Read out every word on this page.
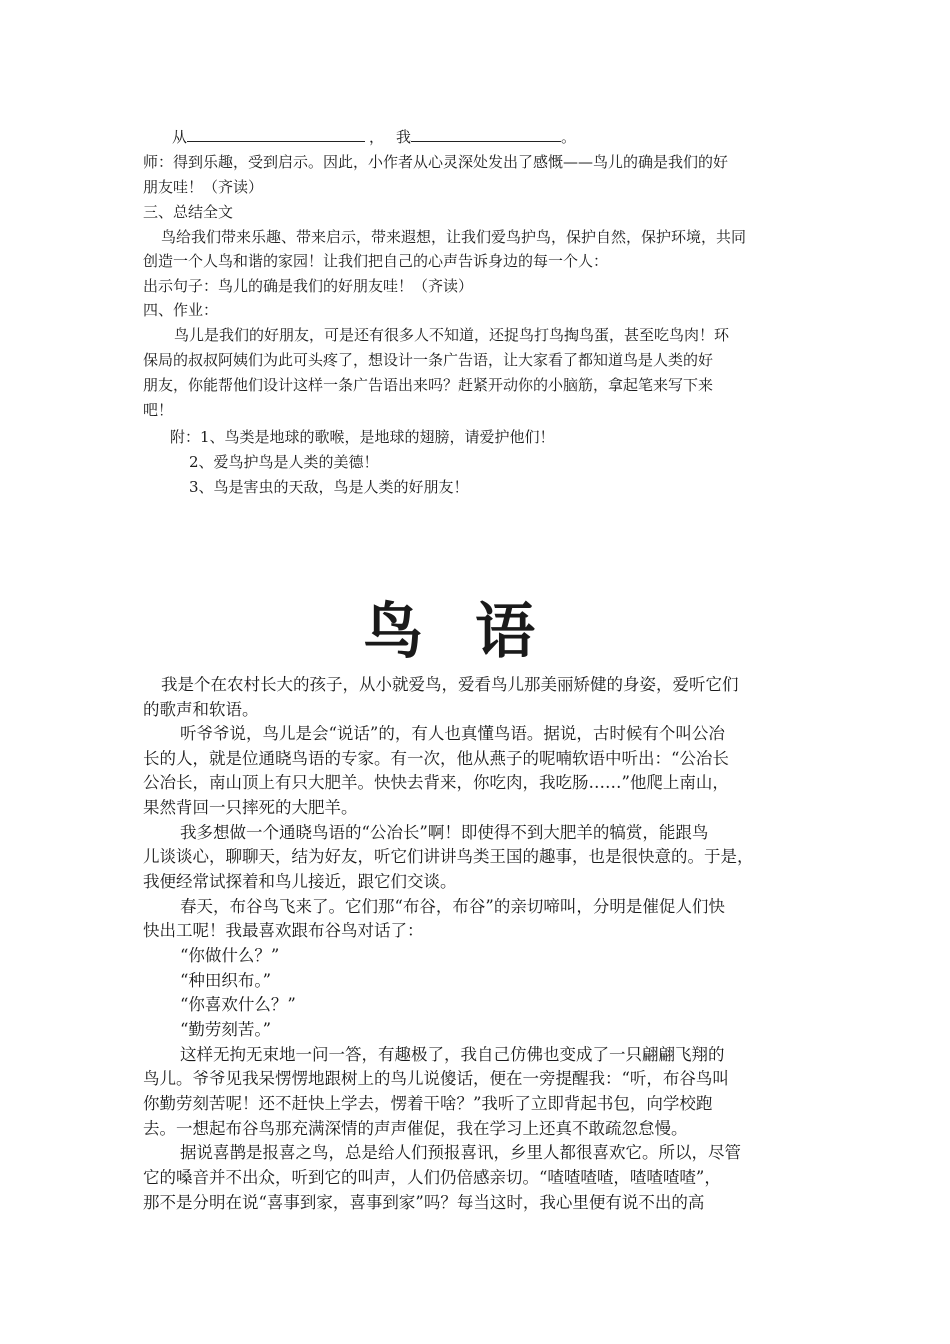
从	， 我	。
师：得到乐趣，受到启示。因此，小作者从心灵深处发出了感慨——鸟儿的确是我们的好
朋友哇！（齐读）
三、总结全文
鸟给我们带来乐趣、带来启示，带来遐想，让我们爱鸟护鸟，保护自然，保护环境，共同
创造一个人鸟和谐的家园！让我们把自己的心声告诉身边的每一个人：
出示句子：鸟儿的确是我们的好朋友哇！（齐读）
四、作业：
鸟儿是我们的好朋友，可是还有很多人不知道，还捉鸟打鸟掏鸟蛋，甚至吃鸟肉！环
保局的叔叔阿姨们为此可头疼了，想设计一条广告语，让大家看了都知道鸟是人类的好
朋友，你能帮他们设计这样一条广告语出来吗？赶紧开动你的小脑筋，拿起笔来写下来
吧！
附：1、鸟类是地球的歌喉，是地球的翅膀，请爱护他们！
2、爱鸟护鸟是人类的美德！
3、鸟是害虫的天敌，鸟是人类的好朋友！
鸟语
我是个在农村长大的孩子，从小就爱鸟，爱看鸟儿那美丽矫健的身姿，爱听它们
的歌声和软语。
听爷爷说，鸟儿是会“说话”的，有人也真懂鸟语。据说，古时候有个叫公冶
长的人，就是位通晓鸟语的专家。有一次，他从燕子的呢喃软语中听出：“公冶长
公冶长，南山顶上有只大肥羊。快快去背来，你吃肉，我吃肠……”他爬上南山，
果然背回一只摔死的大肥羊。
我多想做一个通晓鸟语的“公冶长”啊！即使得不到大肥羊的犒赏，能跟鸟
儿谈谈心，聊聊天，结为好友，听它们讲讲鸟类王国的趣事，也是很快意的。于是，
我便经常试探着和鸟儿接近，跟它们交谈。
春天，布谷鸟飞来了。它们那“布谷，布谷”的亲切啼叫，分明是催促人们快
快出工呢！我最喜欢跟布谷鸟对话了：
“你做什么？”
“种田织布。”
“你喜欢什么？”
“勤劳刻苦。”
这样无拘无束地一问一答，有趣极了，我自己仿佛也变成了一只翩翩飞翔的
鸟儿。爷爷见我呆愣愣地跟树上的鸟儿说傻话，便在一旁提醒我：“听，布谷鸟叫
你勤劳刻苦呢！还不赶快上学去，愣着干啥？”我听了立即背起书包，向学校跑
去。一想起布谷鸟那充满深情的声声催促，我在学习上还真不敢疏忽怠慢。
据说喜鹊是报喜之鸟，总是给人们预报喜讯，乡里人都很喜欢它。所以，尽管
它的嗓音并不出众，听到它的叫声，人们仍倍感亲切。“喳喳喳喳，喳喳喳喳”，
那不是分明在说“喜事到家，喜事到家”吗？每当这时，我心里便有说不出的高
